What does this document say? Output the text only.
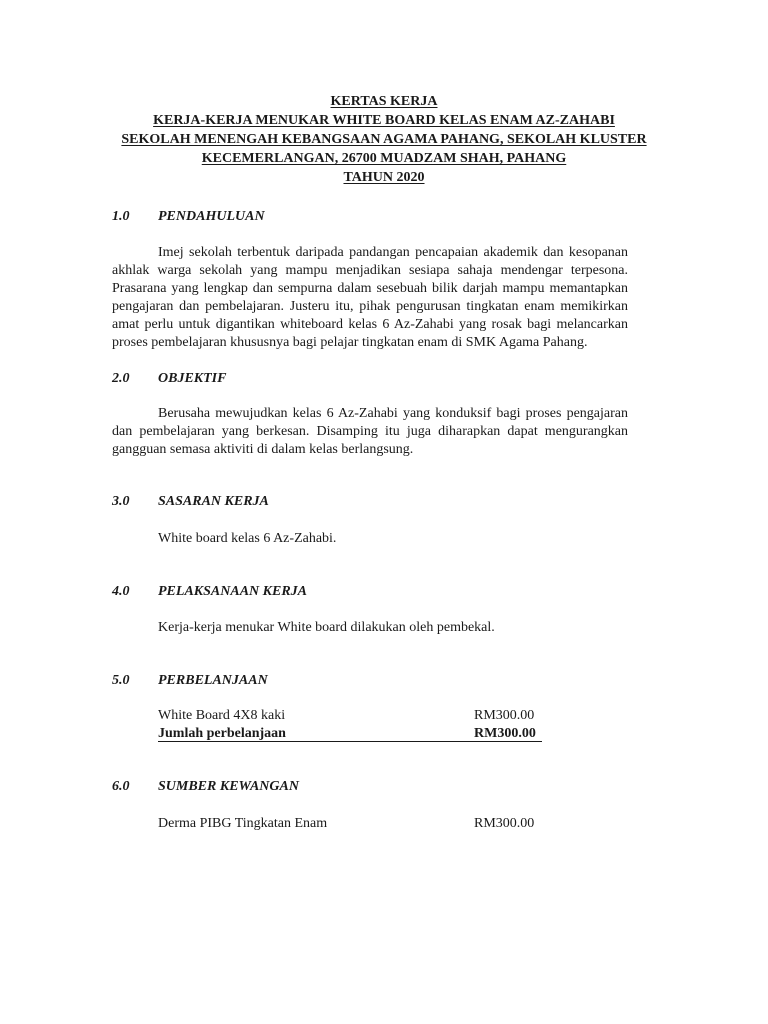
KERTAS KERJA
KERJA-KERJA MENUKAR WHITE BOARD KELAS ENAM AZ-ZAHABI
SEKOLAH MENENGAH KEBANGSAAN AGAMA PAHANG, SEKOLAH KLUSTER
KECEMERLANGAN, 26700 MUADZAM SHAH, PAHANG
TAHUN 2020
1.0 PENDAHULUAN
Imej sekolah terbentuk daripada pandangan pencapaian akademik dan kesopanan akhlak warga sekolah yang mampu menjadikan sesiapa sahaja mendengar terpesona. Prasarana yang lengkap dan sempurna dalam sesebuah bilik darjah mampu memantapkan pengajaran dan pembelajaran. Justeru itu, pihak pengurusan tingkatan enam memikirkan amat perlu untuk digantikan whiteboard kelas 6 Az-Zahabi yang rosak bagi melancarkan proses pembelajaran khususnya bagi pelajar tingkatan enam di SMK Agama Pahang.
2.0 OBJEKTIF
Berusaha mewujudkan kelas 6 Az-Zahabi yang konduksif bagi proses pengajaran dan pembelajaran yang berkesan. Disamping itu juga diharapkan dapat mengurangkan gangguan semasa aktiviti di dalam kelas berlangsung.
3.0 SASARAN KERJA
White board kelas 6 Az-Zahabi.
4.0 PELAKSANAAN KERJA
Kerja-kerja menukar White board dilakukan oleh pembekal.
5.0 PERBELANJAAN
White Board 4X8 kaki	RM300.00
Jumlah perbelanjaan	RM300.00
6.0 SUMBER KEWANGAN
Derma PIBG Tingkatan Enam	RM300.00
